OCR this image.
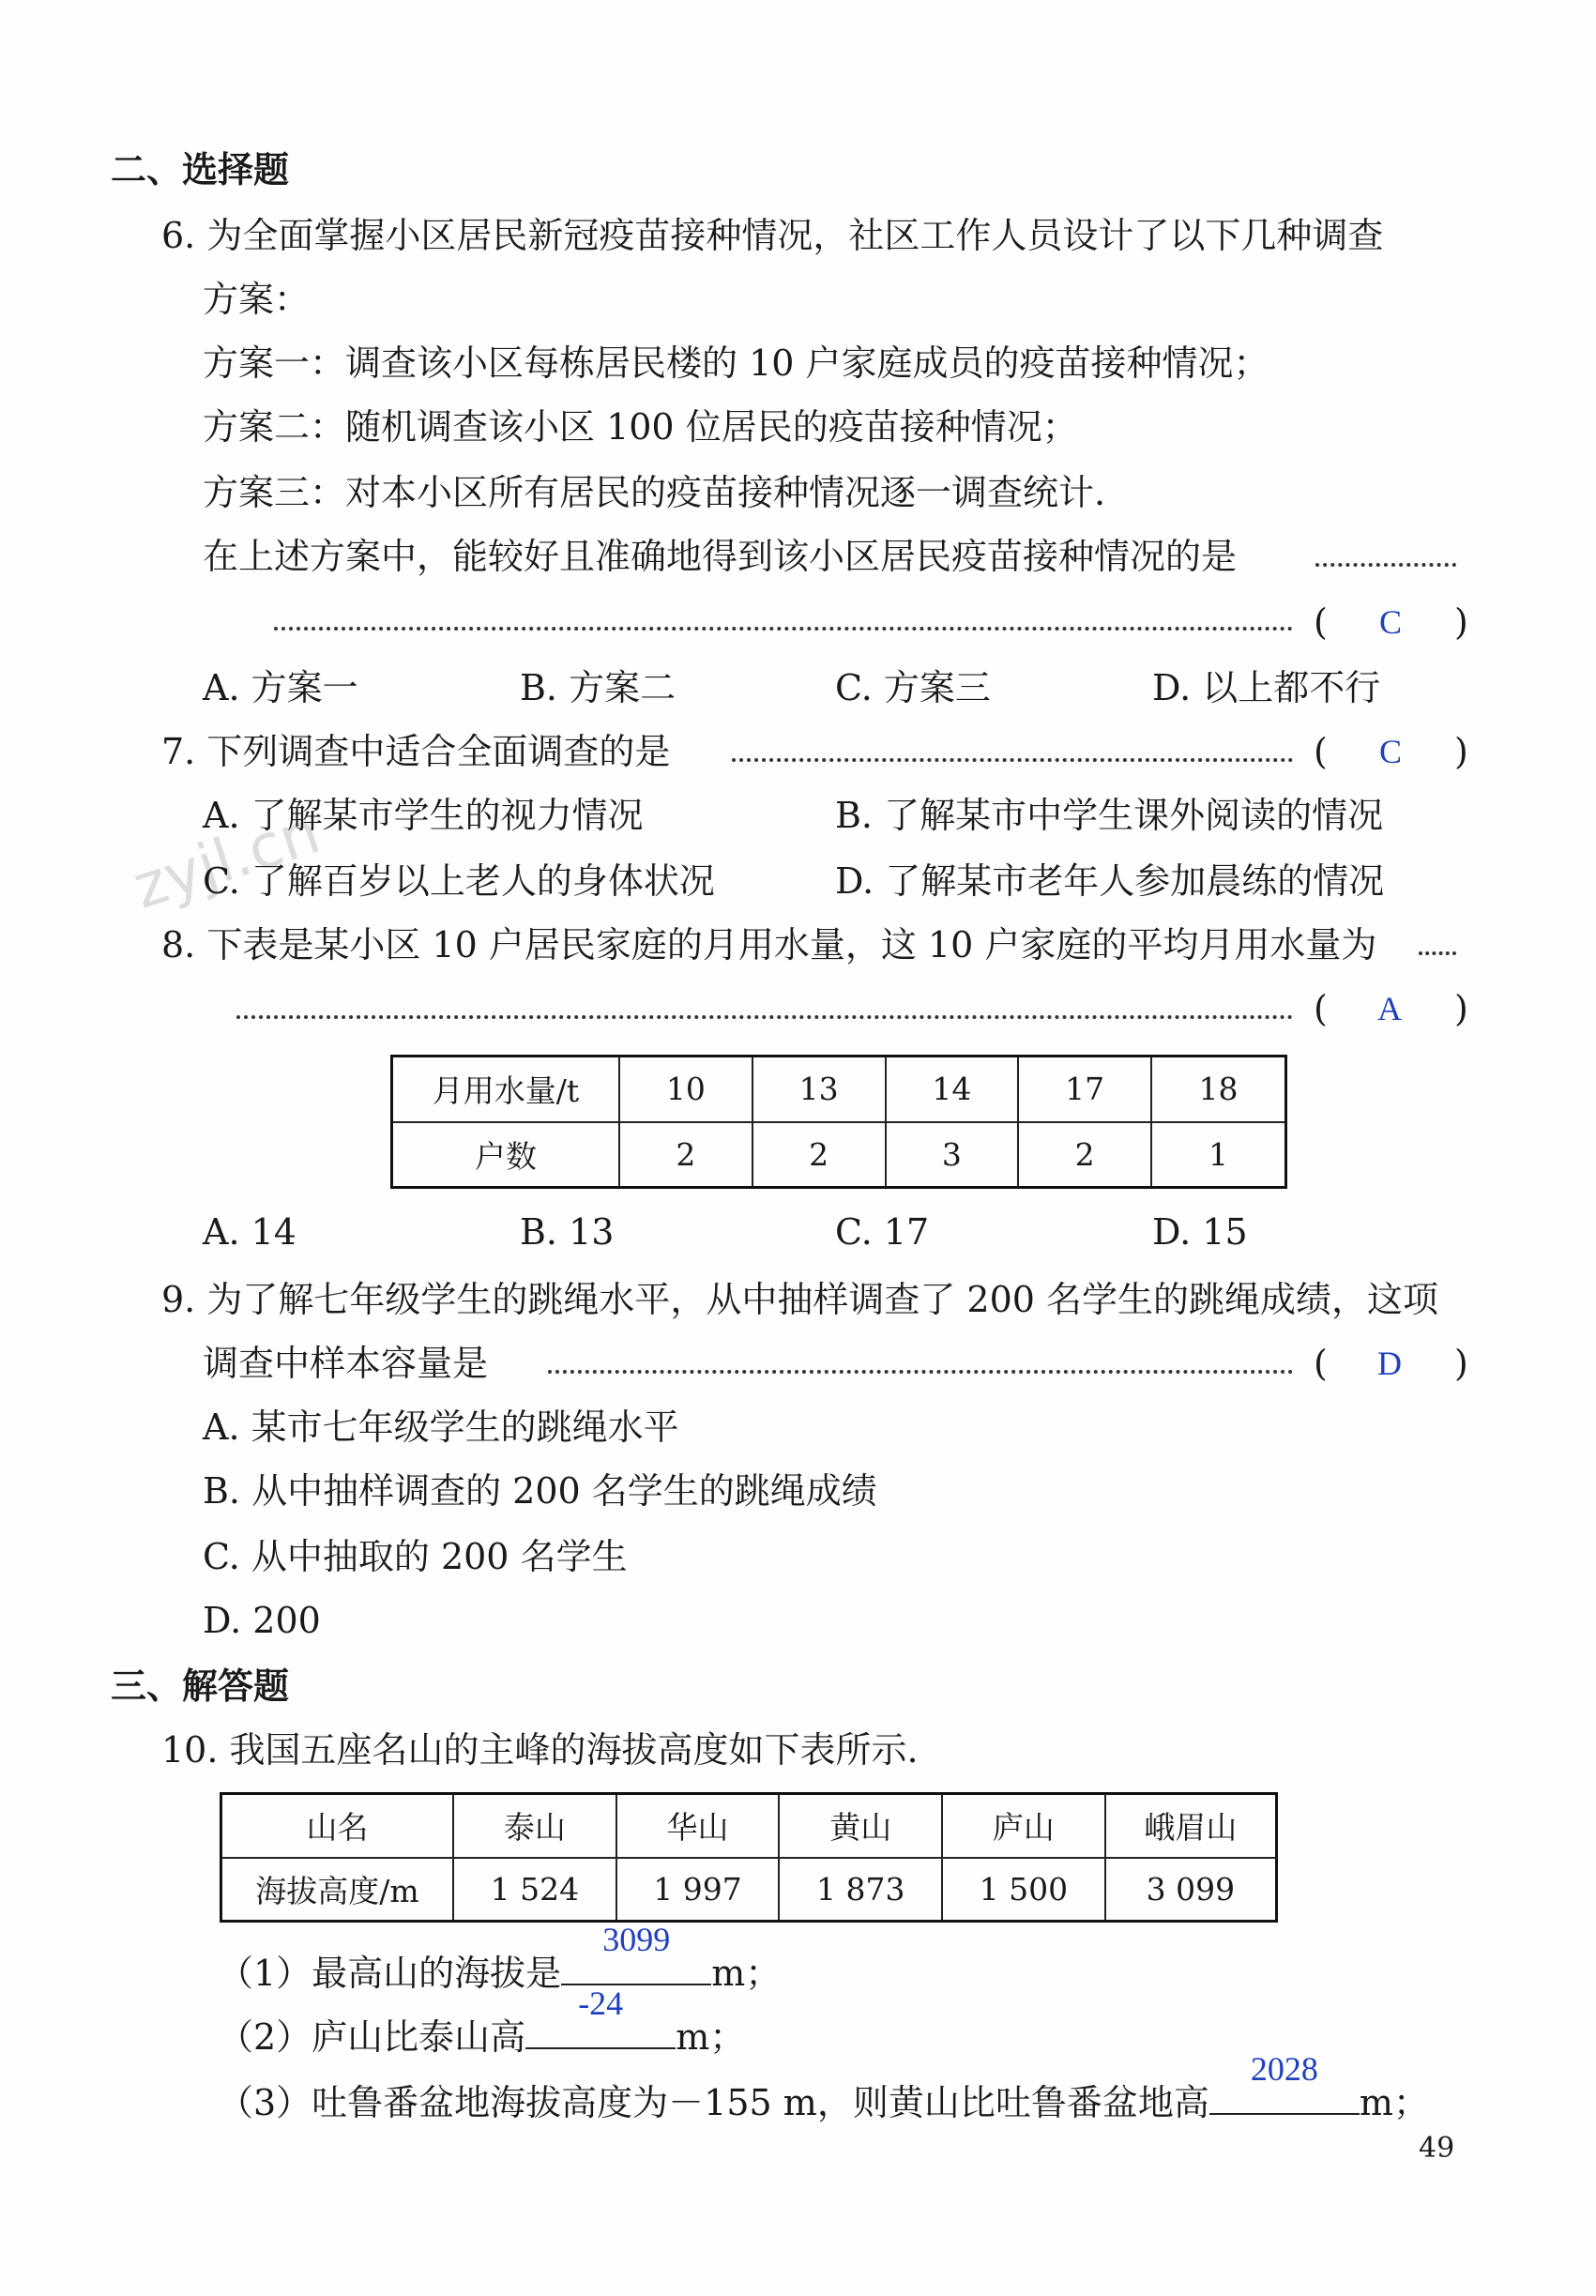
zyjl.cn
二、选择题
6. 为全面掌握小区居民新冠疫苗接种情况，社区工作人员设计了以下几种调查
方案：
方案一：调查该小区每栋居民楼的 10 户家庭成员的疫苗接种情况；
方案二：随机调查该小区 100 位居民的疫苗接种情况；
方案三：对本小区所有居民的疫苗接种情况逐一调查统计.
在上述方案中，能较好且准确地得到该小区居民疫苗接种情况的是
( C )
A. 方案一	B. 方案二	C. 方案三	D. 以上都不行
7. 下列调查中适合全面调查的是	( C )
A. 了解某市学生的视力情况	B. 了解某市中学生课外阅读的情况
C. 了解百岁以上老人的身体状况	D. 了解某市老年人参加晨练的情况
8. 下表是某小区 10 户居民家庭的月用水量，这 10 户家庭的平均月用水量为
( A )
月用水量/t	10	13	14	17	18
户数	2	2	3	2	1
A. 14	B. 13	C. 17	D. 15
9. 为了解七年级学生的跳绳水平，从中抽样调查了 200 名学生的跳绳成绩，这项
调查中样本容量是	( D )
A. 某市七年级学生的跳绳水平
B. 从中抽样调查的 200 名学生的跳绳成绩
C. 从中抽取的 200 名学生
D. 200
三、解答题
10. 我国五座名山的主峰的海拔高度如下表所示.
山名	泰山	华山	黄山	庐山	峨眉山
海拔高度/m	1 524	1 997	1 873	1 500	3 099
（1）最高山的海拔是
3099
m；
（2）庐山比泰山高
-24
m；
（3）吐鲁番盆地海拔高度为－155 m，则黄山比吐鲁番盆地高
2028
m；
49
